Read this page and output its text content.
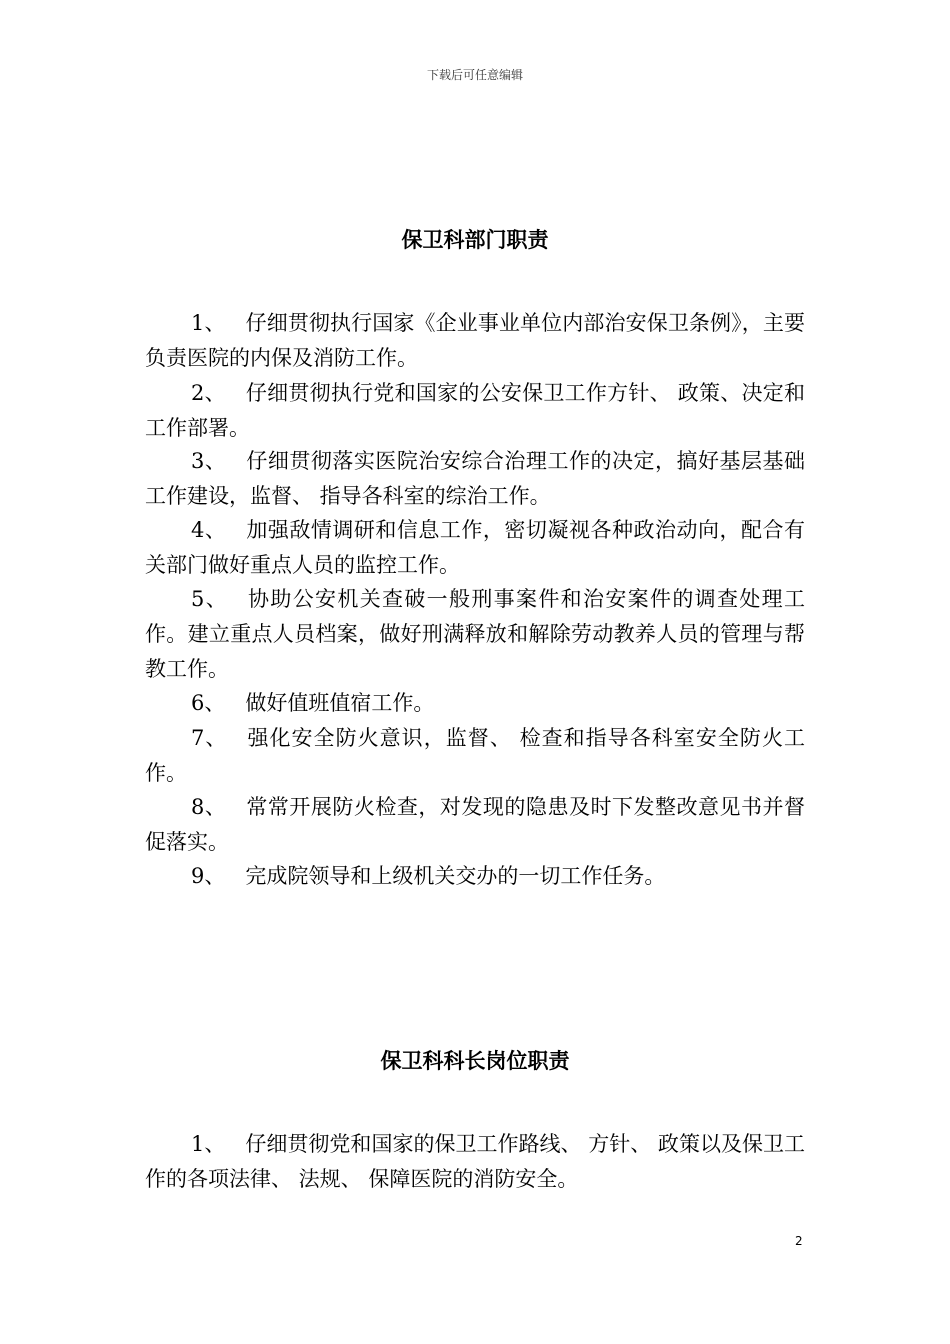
下载后可任意编辑
保卫科部门职责

1、 仔细贯彻执行国家《企业事业单位内部治安保卫条例》，主要负责医院的内保及消防工作。

2、 仔细贯彻执行党和国家的公安保卫工作方针、 政策、决定和工作部署。

3、 仔细贯彻落实医院治安综合治理工作的决定，搞好基层基础工作建设，监督、 指导各科室的综治工作。

4、 加强敌情调研和信息工作，密切凝视各种政治动向，配合有关部门做好重点人员的监控工作。

5、 协助公安机关查破一般刑事案件和治安案件的调查处理工作。建立重点人员档案，做好刑满释放和解除劳动教养人员的管理与帮教工作。

6、 做好值班值宿工作。

7、 强化安全防火意识，监督、 检查和指导各科室安全防火工作。

8、 常常开展防火检查，对发现的隐患及时下发整改意见书并督促落实。

9、 完成院领导和上级机关交办的一切工作任务。

保卫科科长岗位职责

1、 仔细贯彻党和国家的保卫工作路线、 方针、 政策以及保卫工作的各项法律、 法规、 保障医院的消防安全。

2
